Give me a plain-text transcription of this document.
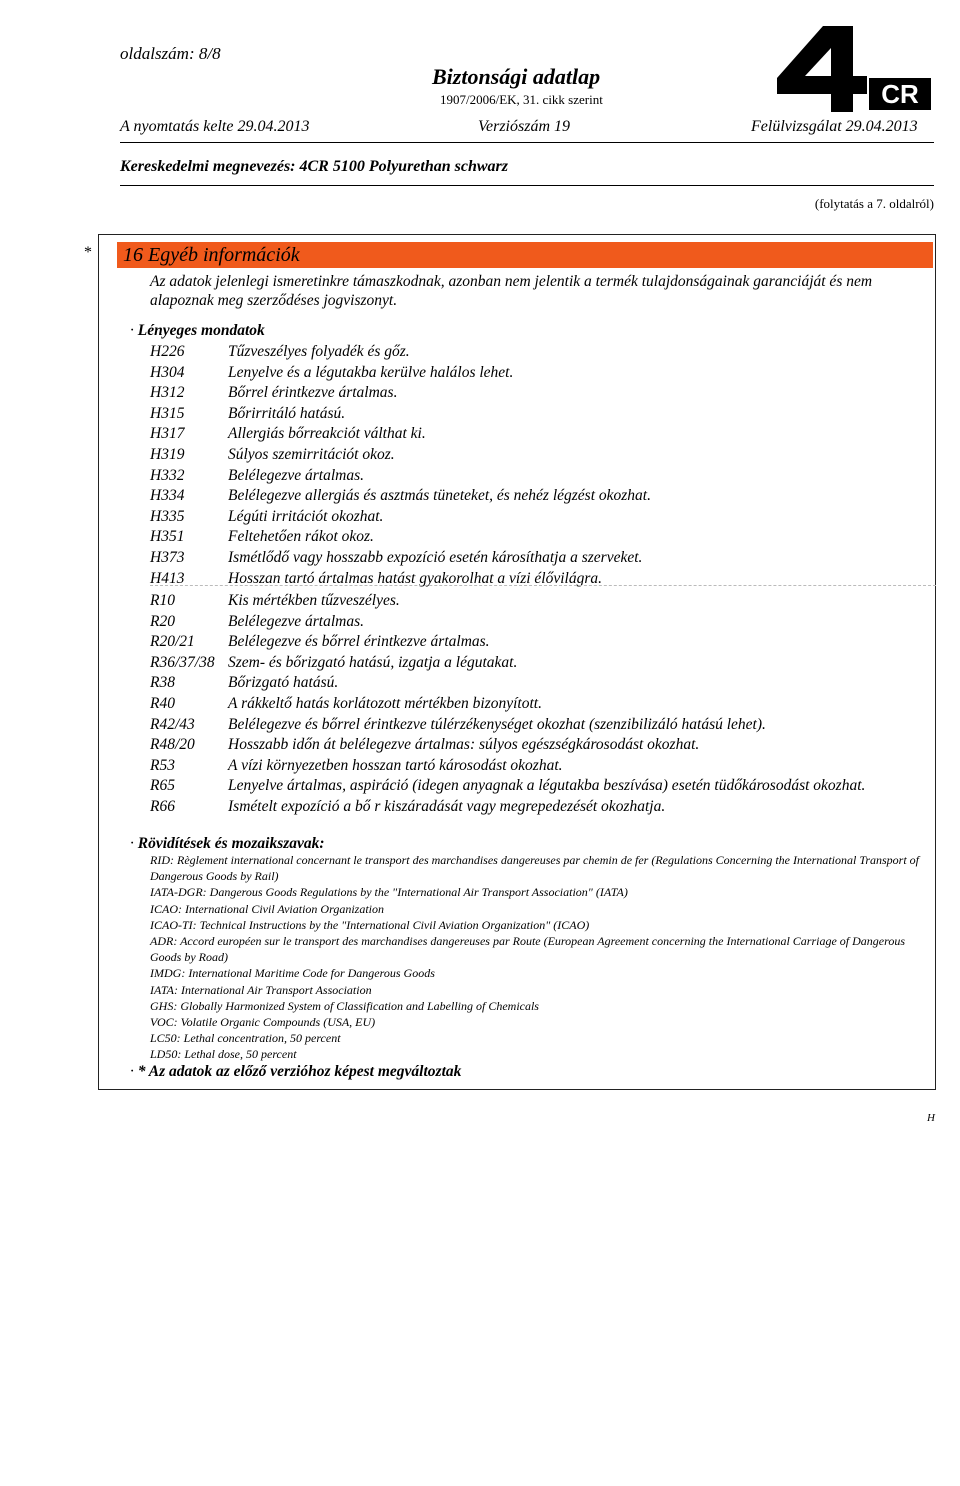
oldalszám: 8/8
Biztonsági adatlap
1907/2006/EK, 31. cikk szerint	CR
A nyomtatás kelte 29.04.2013	Verziószám 19	Felülvizsgálat 29.04.2013
Kereskedelmi megnevezés: 4CR 5100 Polyurethan schwarz
(folytatás a 7. oldalról)
*	16 Egyéb információk
Az adatok jelenlegi ismeretinkre támaszkodnak, azonban nem jelentik a termék tulajdonságainak garanciáját és nem alapoznak meg szerződéses jogviszonyt.
· Lényeges mondatok
H226	Tűzveszélyes folyadék és gőz.
H304	Lenyelve és a légutakba kerülve halálos lehet.
H312	Bőrrel érintkezve ártalmas.
H315	Bőrirritáló hatású.
H317	Allergiás bőrreakciót válthat ki.
H319	Súlyos szemirritációt okoz.
H332	Belélegezve ártalmas.
H334	Belélegezve allergiás és asztmás tüneteket, és nehéz légzést okozhat.
H335	Légúti irritációt okozhat.
H351	Feltehetően rákot okoz.
H373	Ismétlődő vagy hosszabb expozíció esetén károsíthatja a szerveket.
H413	Hosszan tartó ártalmas hatást gyakorolhat a vízi élővilágra.
R10	Kis mértékben tűzveszélyes.
R20	Belélegezve ártalmas.
R20/21	Belélegezve és bőrrel érintkezve ártalmas.
R36/37/38 Szem- és bőrizgató hatású, izgatja a légutakat.
R38	Bőrizgató hatású.
R40	A rákkeltő hatás korlátozott mértékben bizonyított.
R42/43	Belélegezve és bőrrel érintkezve túlérzékenységet okozhat (szenzibilizáló hatású lehet).
R48/20	Hosszabb időn át belélegezve ártalmas: súlyos egészségkárosodást okozhat.
R53	A vízi környezetben hosszan tartó károsodást okozhat.
R65	Lenyelve ártalmas, aspiráció (idegen anyagnak a légutakba beszívása) esetén tüdőkárosodást okozhat.
R66	Ismételt expozíció a bő r kiszáradását vagy megrepedezését okozhatja.
· Rövidítések és mozaikszavak:
RID: Règlement international concernant le transport des marchandises dangereuses par chemin de fer (Regulations Concerning the International Transport of Dangerous Goods by Rail)
IATA-DGR: Dangerous Goods Regulations by the "International Air Transport Association" (IATA)
ICAO: International Civil Aviation Organization
ICAO-TI: Technical Instructions by the "International Civil Aviation Organization" (ICAO)
ADR: Accord européen sur le transport des marchandises dangereuses par Route (European Agreement concerning the International Carriage of Dangerous Goods by Road)
IMDG: International Maritime Code for Dangerous Goods
IATA: International Air Transport Association
GHS: Globally Harmonized System of Classification and Labelling of Chemicals
VOC: Volatile Organic Compounds (USA, EU)
LC50: Lethal concentration, 50 percent
LD50: Lethal dose, 50 percent
· * Az adatok az előző verzióhoz képest megváltoztak
H
